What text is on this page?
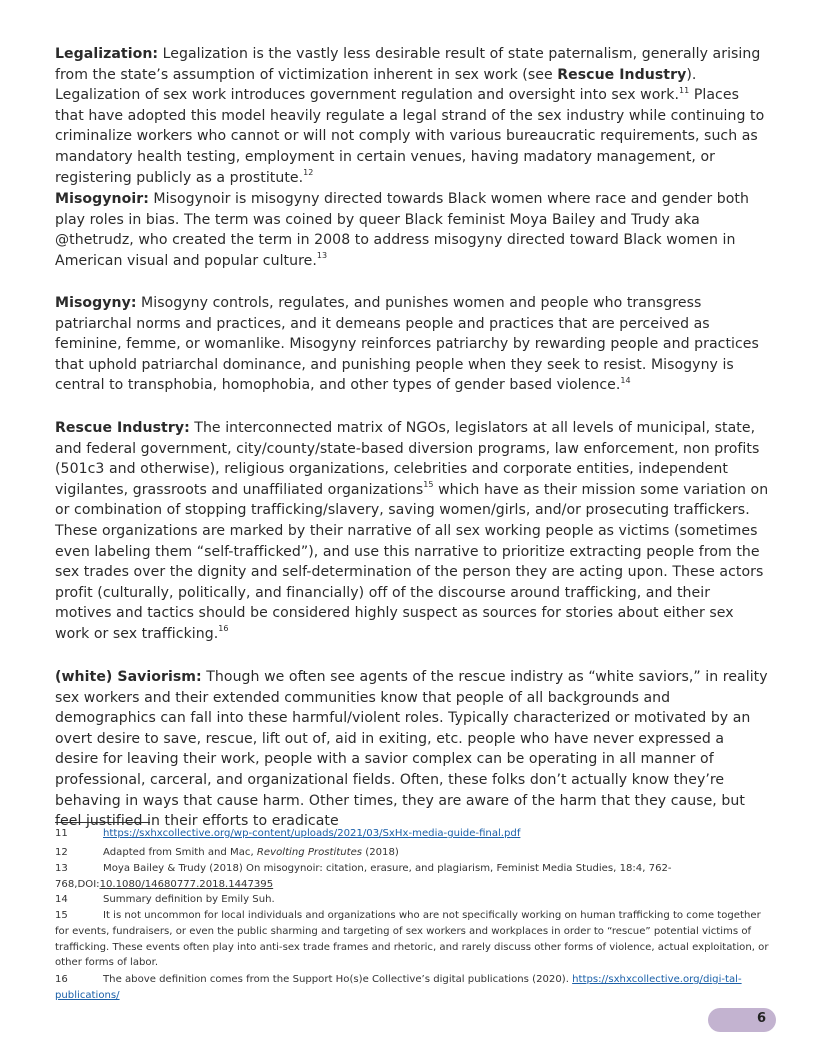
Legalization: Legalization is the vastly less desirable result of state paternalism, generally arising from the state’s assumption of victimization inherent in sex work (see Rescue Industry). Legalization of sex work introduces government regulation and oversight into sex work.$^{11}$ Places that have adopted this model heavily regulate a legal strand of the sex industry while continuing to criminalize workers who cannot or will not comply with various bureaucratic requirements, such as mandatory health testing, employment in certain venues, having madatory management, or registering publicly as a prostitute.$^{12}$

Misogynoir: Misogynoir is misogyny directed towards Black women where race and gender both play roles in bias. The term was coined by queer Black feminist Moya Bailey and Trudy aka @thetrudz, who created the term in 2008 to address misogyny directed toward Black women in American visual and popular culture.$^{13}$

Misogyny: Misogyny controls, regulates, and punishes women and people who transgress patriarchal norms and practices, and it demeans people and practices that are perceived as feminine, femme, or womanlike. Misogyny reinforces patriarchy by rewarding people and practices that uphold patriarchal dominance, and punishing people when they seek to resist. Misogyny is central to transphobia, homophobia, and other types of gender based violence.$^{14}$

Rescue Industry: The interconnected matrix of NGOs, legislators at all levels of municipal, state, and federal government, city/county/state-based diversion programs, law enforcement, non profits (501c3 and otherwise), religious organizations, celebrities and corporate entities, independent vigilantes, grassroots and unaffiliated organizations$^{15}$ which have as their mission some variation on or combination of stopping trafficking/slavery, saving women/girls, and/or prosecuting traffickers. These organizations are marked by their narrative of all sex working people as victims (sometimes even labeling them “self-trafficked”), and use this narrative to prioritize extracting people from the sex trades over the dignity and self-determination of the person they are acting upon. These actors profit (culturally, politically, and financially) off of the discourse around trafficking, and their motives and tactics should be considered highly suspect as sources for stories about either sex work or sex trafficking.$^{16}$

(white) Saviorism: Though we often see agents of the rescue indistry as “white saviors,” in reality sex workers and their extended communities know that people of all backgrounds and demographics can fall into these harmful/violent roles. Typically characterized or motivated by an overt desire to save, rescue, lift out of, aid in exiting, etc. people who have never expressed a desire for leaving their work, people with a savior complex can be operating in all manner of professional, carceral, and organizational fields. Often, these folks don’t actually know they’re behaving in ways that cause harm. Other times, they are aware of the harm that they cause, but feel justified in their efforts to eradicate

11	https://sxhxcollective.org/wp-content/uploads/2021/03/SxHx-media-guide-final.pdf
12	Adapted from Smith and Mac, Revolting Prostitutes (2018)
13	Moya Bailey & Trudy (2018) On misogynoir: citation, erasure, and plagiarism, Feminist Media Studies, 18:4, 762-768,DOI:10.1080/14680777.2018.1447395
14	Summary definition by Emily Suh.
15	It is not uncommon for local individuals and organizations who are not specifically working on human trafficking to come together for events, fundraisers, or even the public sharming and targeting of sex workers and workplaces in order to “rescue” potential victims of trafficking. These events often play into anti-sex trade frames and rhetoric, and rarely discuss other forms of violence, actual exploitation, or other forms of labor.
16	The above definition comes from the Support Ho(s)e Collective’s digital publications (2020). https://sxhxcollective.org/digi-tal-publications/
6
